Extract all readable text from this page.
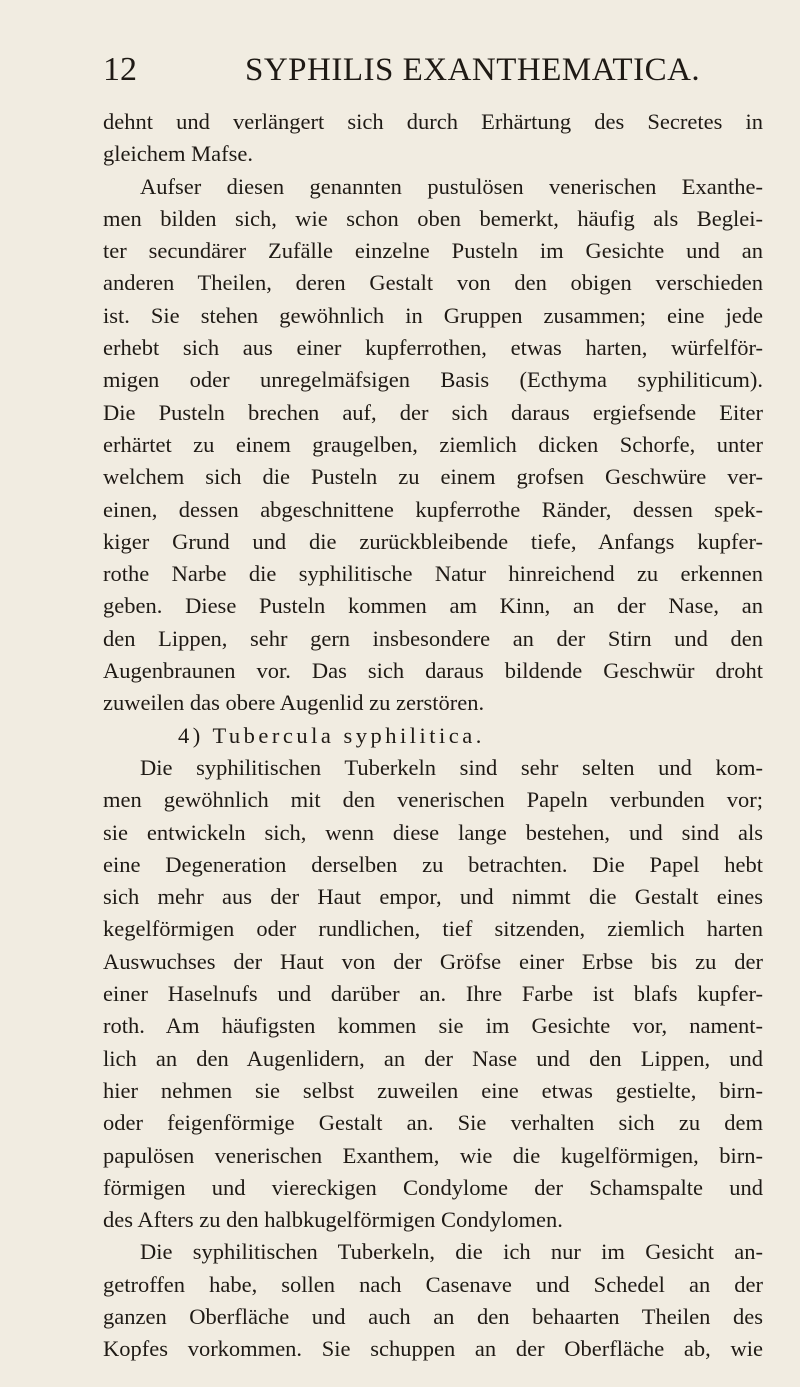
12	SYPHILIS EXANTHEMATICA.
dehnt und verlängert sich durch Erhärtung des Secretes in
gleichem Mafse.
Aufser diesen genannten pustulösen venerischen Exanthe-
men bilden sich, wie schon oben bemerkt, häufig als Beglei-
ter secundärer Zufälle einzelne Pusteln im Gesichte und an
anderen Theilen, deren Gestalt von den obigen verschieden
ist. Sie stehen gewöhnlich in Gruppen zusammen; eine jede
erhebt sich aus einer kupferrothen, etwas harten, würfelför-
migen oder unregelmäfsigen Basis (Ecthyma syphiliticum).
Die Pusteln brechen auf, der sich daraus ergiefsende Eiter
erhärtet zu einem graugelben, ziemlich dicken Schorfe, unter
welchem sich die Pusteln zu einem grofsen Geschwüre ver-
einen, dessen abgeschnittene kupferrothe Ränder, dessen spek-
kiger Grund und die zurückbleibende tiefe, Anfangs kupfer-
rothe Narbe die syphilitische Natur hinreichend zu erkennen
geben. Diese Pusteln kommen am Kinn, an der Nase, an
den Lippen, sehr gern insbesondere an der Stirn und den
Augenbraunen vor. Das sich daraus bildende Geschwür droht
zuweilen das obere Augenlid zu zerstören.
4) Tubercula syphilitica.
Die syphilitischen Tuberkeln sind sehr selten und kom-
men gewöhnlich mit den venerischen Papeln verbunden vor;
sie entwickeln sich, wenn diese lange bestehen, und sind als
eine Degeneration derselben zu betrachten. Die Papel hebt
sich mehr aus der Haut empor, und nimmt die Gestalt eines
kegelförmigen oder rundlichen, tief sitzenden, ziemlich harten
Auswuchses der Haut von der Gröfse einer Erbse bis zu der
einer Haselnufs und darüber an. Ihre Farbe ist blafs kupfer-
roth. Am häufigsten kommen sie im Gesichte vor, nament-
lich an den Augenlidern, an der Nase und den Lippen, und
hier nehmen sie selbst zuweilen eine etwas gestielte, birn-
oder feigenförmige Gestalt an. Sie verhalten sich zu dem
papulösen venerischen Exanthem, wie die kugelförmigen, birn-
förmigen und viereckigen Condylome der Schamspalte und
des Afters zu den halbkugelförmigen Condylomen.
Die syphilitischen Tuberkeln, die ich nur im Gesicht an-
getroffen habe, sollen nach Casenave und Schedel an der
ganzen Oberfläche und auch an den behaarten Theilen des
Kopfes vorkommen. Sie schuppen an der Oberfläche ab, wie
